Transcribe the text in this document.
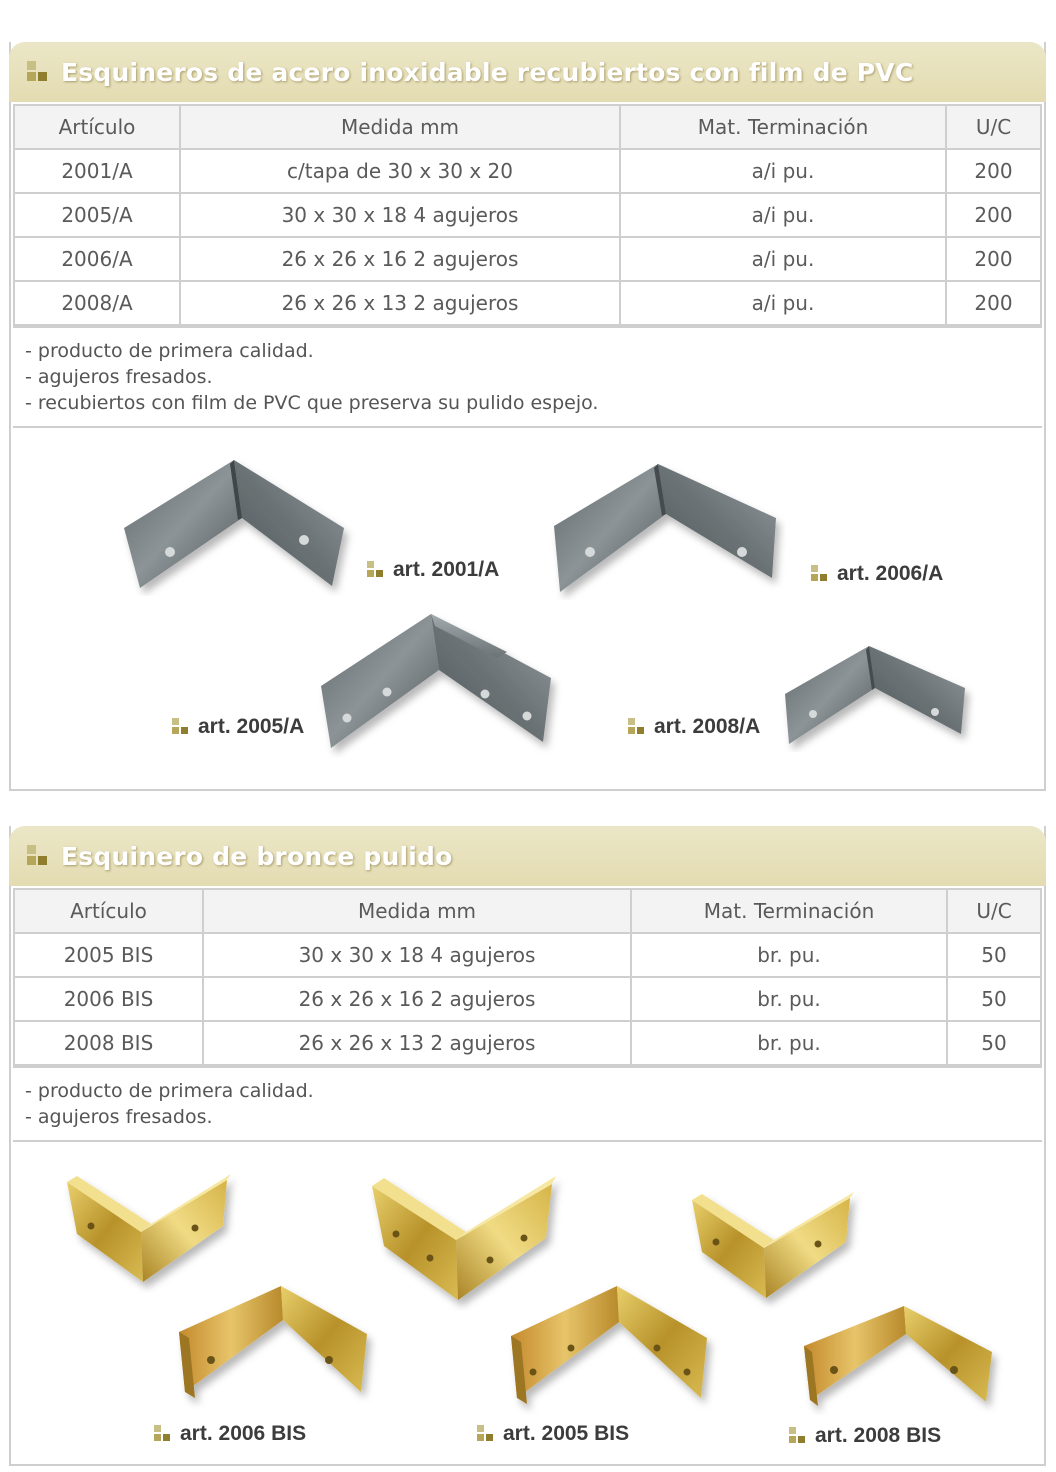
Esquineros de acero inoxidable recubiertos con film de PVC
Artículo	Medida mm	Mat. Terminación	U/C
2001/A	c/tapa de 30 x 30 x 20	a/i pu.	200
2005/A	30 x 30 x 18 4 agujeros	a/i pu.	200
2006/A	26 x 26 x 16 2 agujeros	a/i pu.	200
2008/A	26 x 26 x 13 2 agujeros	a/i pu.	200
- producto de primera calidad.
- agujeros fresados.
- recubiertos con film de PVC que preserva su pulido espejo.
art. 2001/A	art. 2006/A
art. 2005/A	art. 2008/A
Esquinero de bronce pulido
Artículo	Medida mm	Mat. Terminación	U/C
2005 BIS	30 x 30 x 18 4 agujeros	br. pu.	50
2006 BIS	26 x 26 x 16 2 agujeros	br. pu.	50
2008 BIS	26 x 26 x 13 2 agujeros	br. pu.	50
- producto de primera calidad.
- agujeros fresados.
art. 2006 BIS	art. 2005 BIS	art. 2008 BIS
